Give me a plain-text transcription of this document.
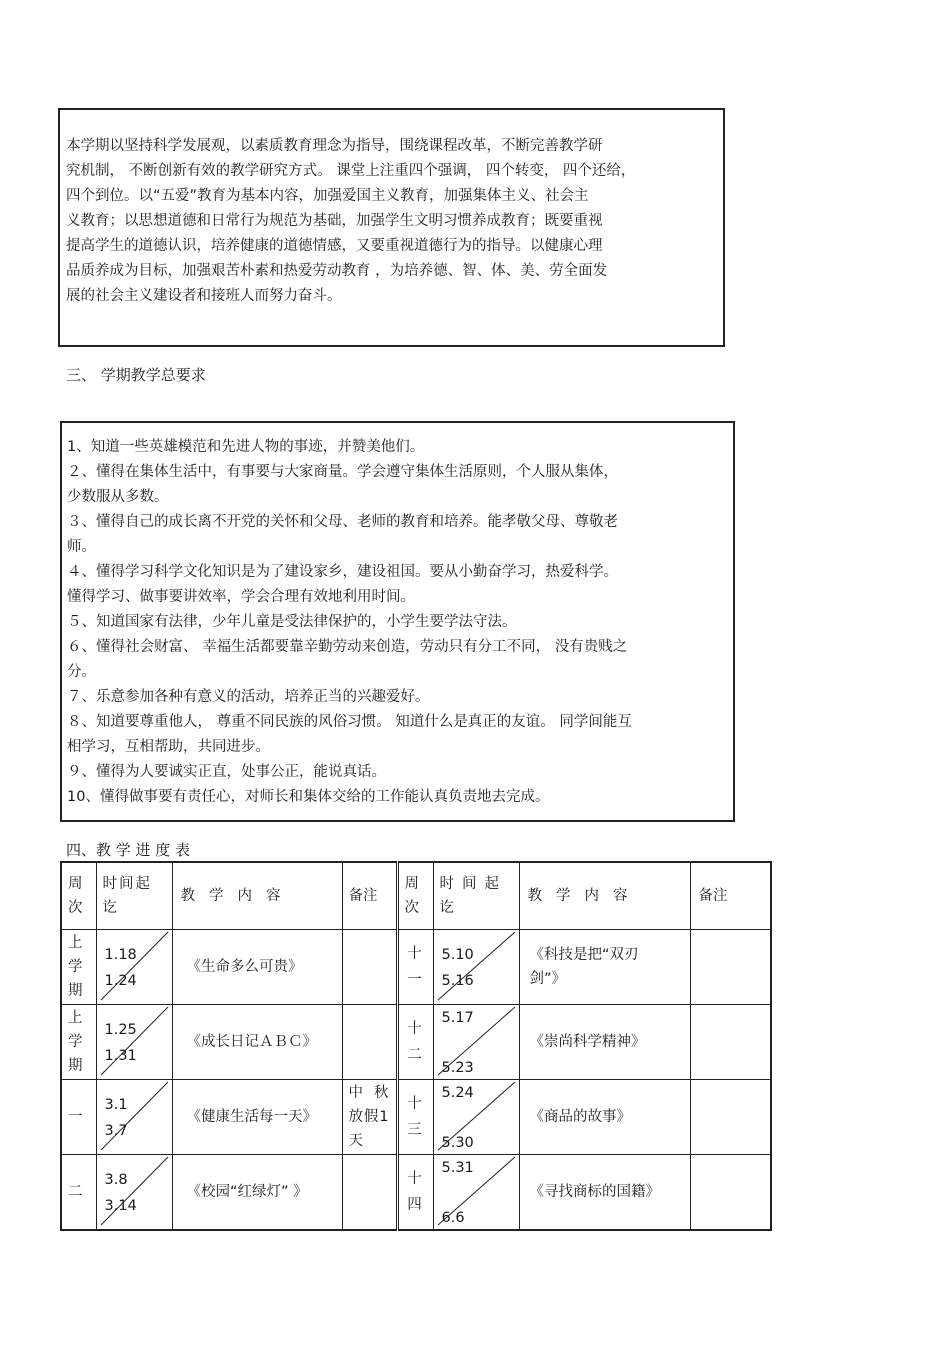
本学期以坚持科学发展观，以素质教育理念为指导，围绕课程改革，不断完善教学研
究机制， 不断创新有效的教学研究方式。 课堂上注重四个强调， 四个转变， 四个还给，
四个到位。以“五爱”教育为基本内容，加强爱国主义教育，加强集体主义、社会主
义教育；以思想道德和日常行为规范为基础，加强学生文明习惯养成教育；既要重视
提高学生的道德认识，培养健康的道德情感，又要重视道德行为的指导。以健康心理
品质养成为目标，加强艰苦朴素和热爱劳动教育 ，为培养德、智、体、美、劳全面发
展的社会主义建设者和接班人而努力奋斗。
三、 学期教学总要求
1、知道一些英雄模范和先进人物的事迹，并赞美他们。
２、懂得在集体生活中，有事要与大家商量。学会遵守集体生活原则，个人服从集体，
少数服从多数。
３、懂得自己的成长离不开党的关怀和父母、老师的教育和培养。能孝敬父母、尊敬老
师。
４、懂得学习科学文化知识是为了建设家乡，建设祖国。要从小勤奋学习，热爱科学。
懂得学习、做事要讲效率，学会合理有效地利用时间。
５、知道国家有法律，少年儿童是受法律保护的，小学生要学法守法。
６、懂得社会财富、 幸福生活都要靠辛勤劳动来创造，劳动只有分工不同， 没有贵贱之
分。
７、乐意参加各种有意义的活动，培养正当的兴趣爱好。
８、知道要尊重他人， 尊重不同民族的风俗习惯。 知道什么是真正的友谊。 同学间能互
相学习，互相帮助，共同进步。
９、懂得为人要诚实正直，处事公正，能说真话。
10、懂得做事要有责任心，对师长和集体交给的工作能认真负责地去完成。
四、教 学 进 度 表
周次	时间起讫	教学内容	备注	周次	时间起讫	教学内容	备注

上学期	1.18
1.24	《生命多么可贵》		十一	5.10
5.16	《科技是把“双刃剑”》	

上学期	1.25
1.31	《成长日记ＡＢＣ》		十二	5.17
5.23	《崇尚科学精神》	

一	3.1
3.7	《健康生活每一天》	中秋放假1天	十三	5.24
5.30	《商品的故事》	

二	3.8
3.14	《校园“红绿灯” 》		十四	5.31
6.6	《寻找商标的国籍》	
